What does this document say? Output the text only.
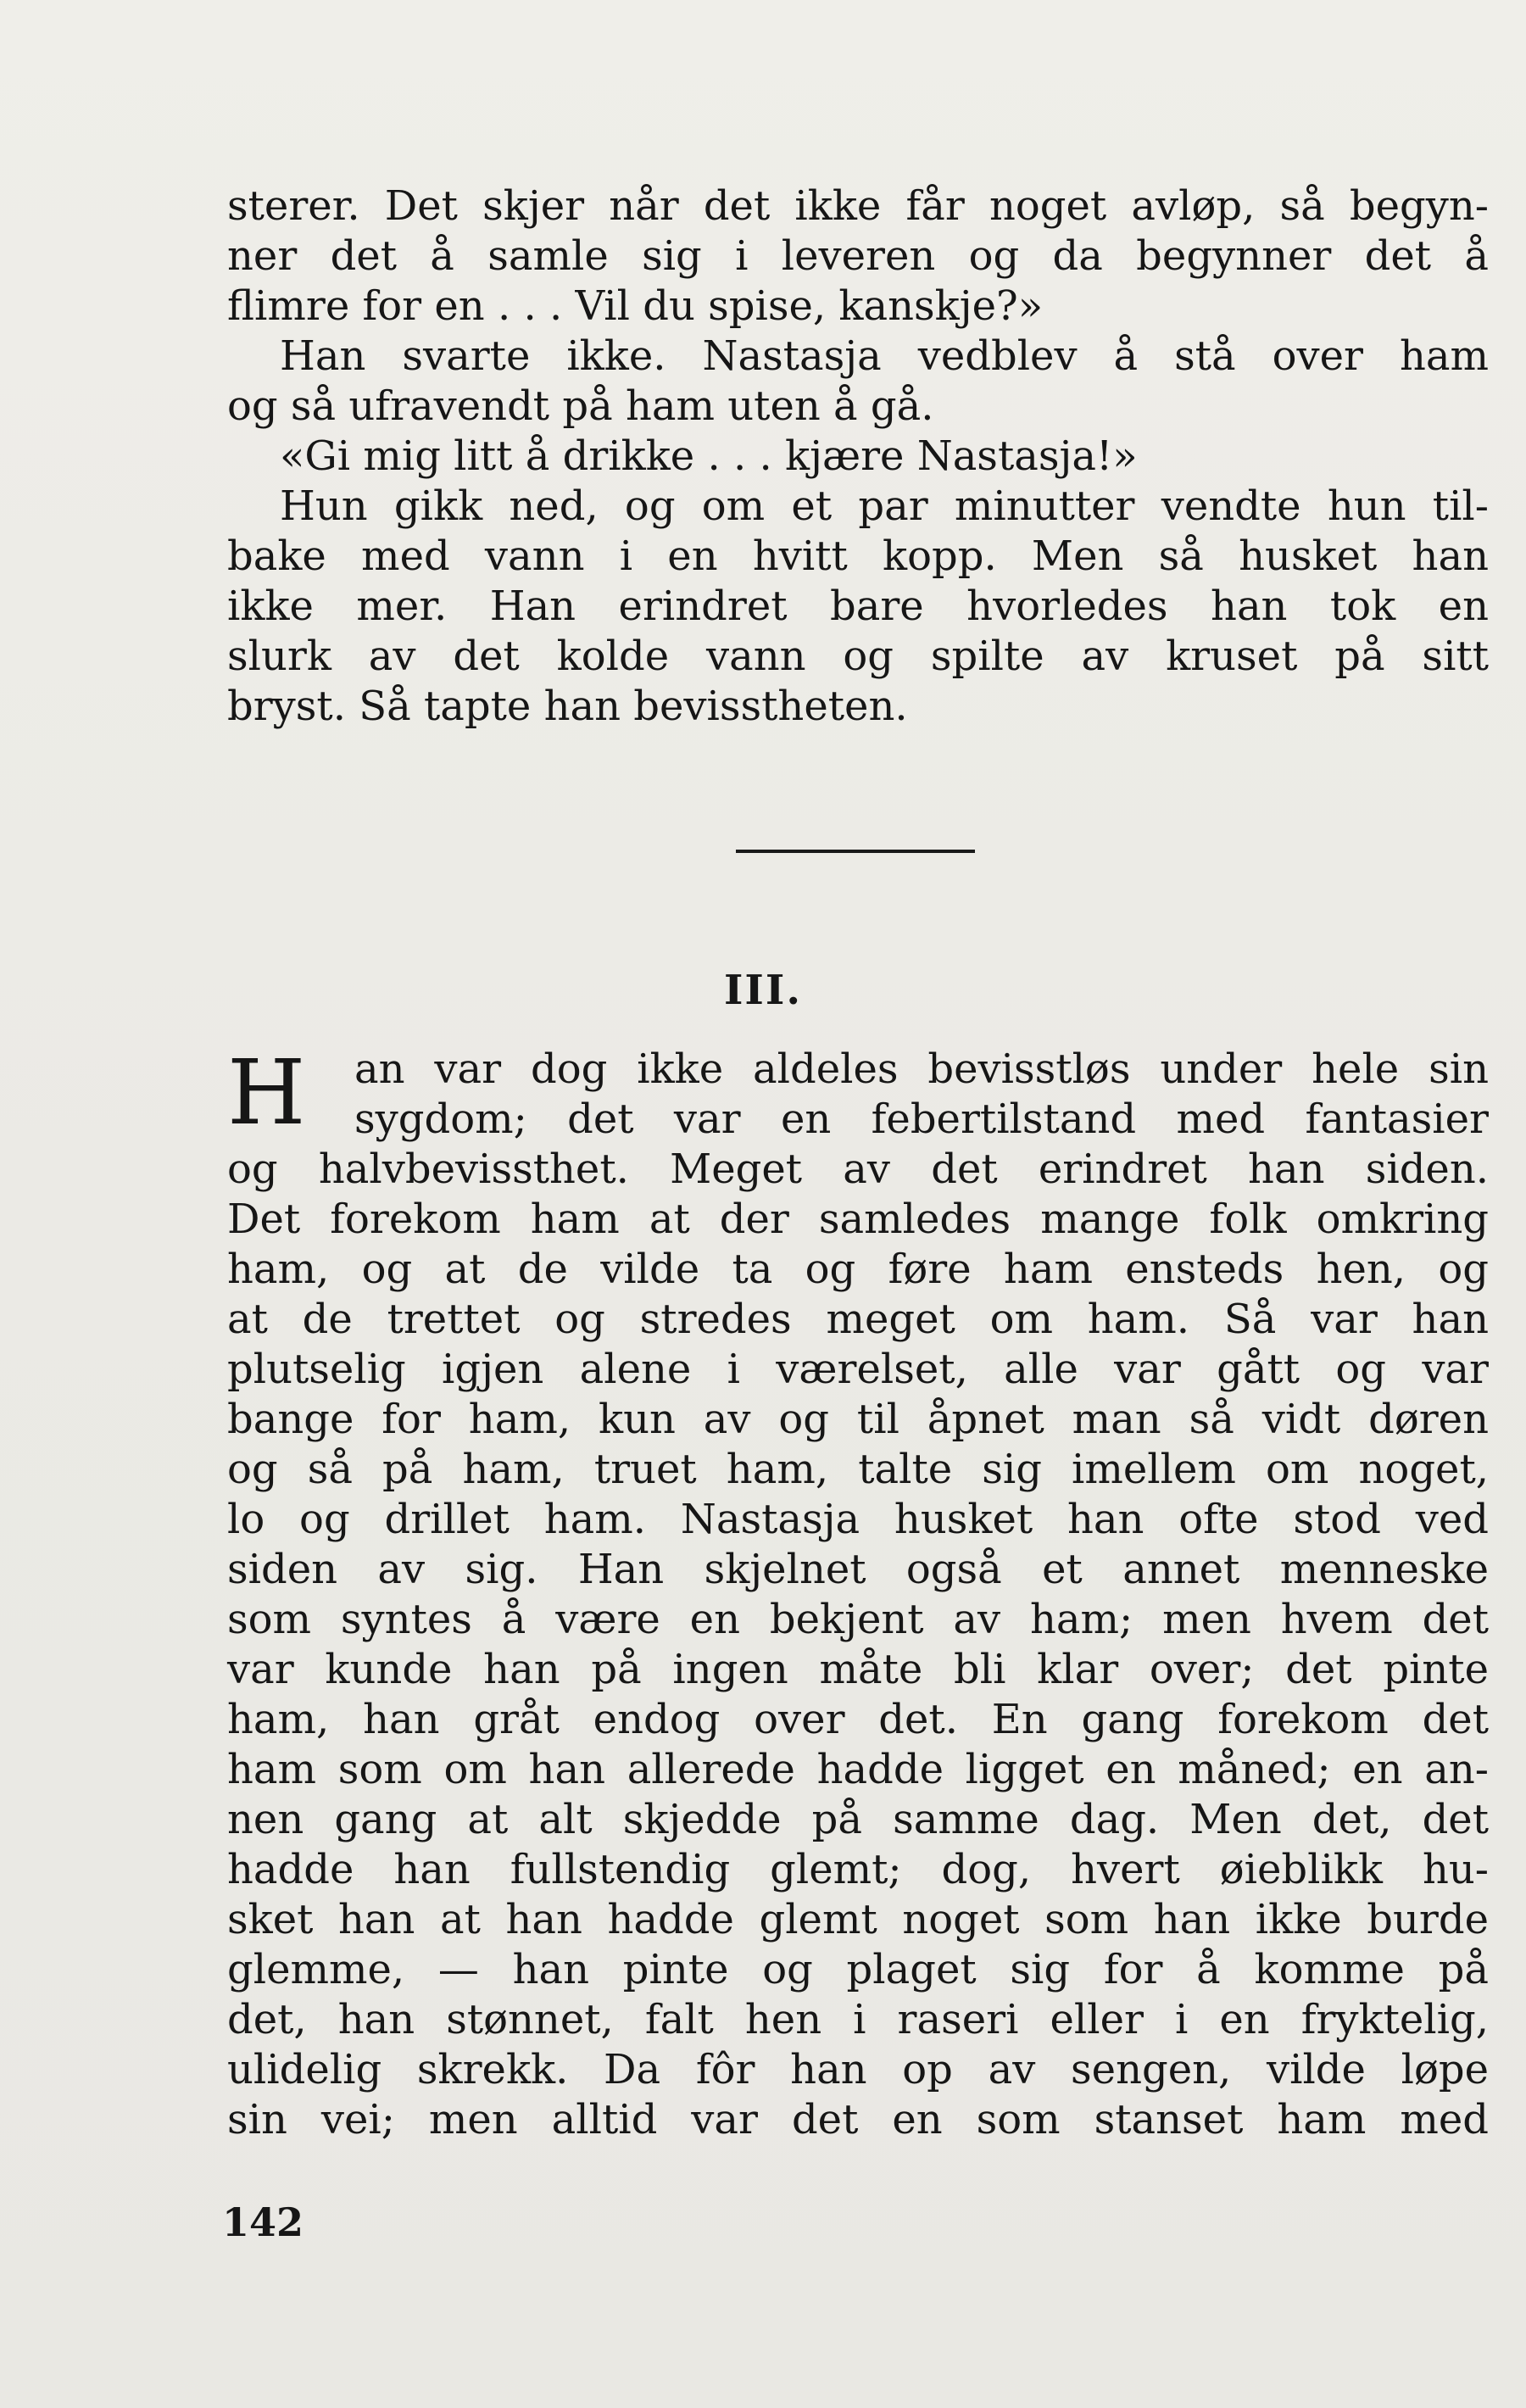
sterer. Det skjer når det ikke får noget avløp, så begyn-
ner det å samle sig i leveren og da begynner det å
flimre for en . . . Vil du spise, kanskje?»
Han svarte ikke. Nastasja vedblev å stå over ham
og så ufravendt på ham uten å gå.
«Gi mig litt å drikke . . . kjære Nastasja!»
Hun gikk ned, og om et par minutter vendte hun til-
bake med vann i en hvitt kopp. Men så husket han
ikke mer. Han erindret bare hvorledes han tok en
slurk av det kolde vann og spilte av kruset på sitt
bryst. Så tapte han bevisstheten.
III.
H	an var dog ikke aldeles bevisstløs under hele sin
sygdom; det var en febertilstand med fantasier
og halvbevissthet. Meget av det erindret han siden.
Det forekom ham at der samledes mange folk omkring
ham, og at de vilde ta og føre ham ensteds hen, og
at de trettet og stredes meget om ham. Så var han
plutselig igjen alene i værelset, alle var gått og var
bange for ham, kun av og til åpnet man så vidt døren
og så på ham, truet ham, talte sig imellem om noget,
lo og drillet ham. Nastasja husket han ofte stod ved
siden av sig. Han skjelnet også et annet menneske
som syntes å være en bekjent av ham; men hvem det
var kunde han på ingen måte bli klar over; det pinte
ham, han gråt endog over det. En gang forekom det
ham som om han allerede hadde ligget en måned; en an-
nen gang at alt skjedde på samme dag. Men det, det
hadde han fullstendig glemt; dog, hvert øieblikk hu-
sket han at han hadde glemt noget som han ikke burde
glemme, — han pinte og plaget sig for å komme på
det, han stønnet, falt hen i raseri eller i en fryktelig,
ulidelig skrekk. Da fôr han op av sengen, vilde løpe
sin vei; men alltid var det en som stanset ham med
142
